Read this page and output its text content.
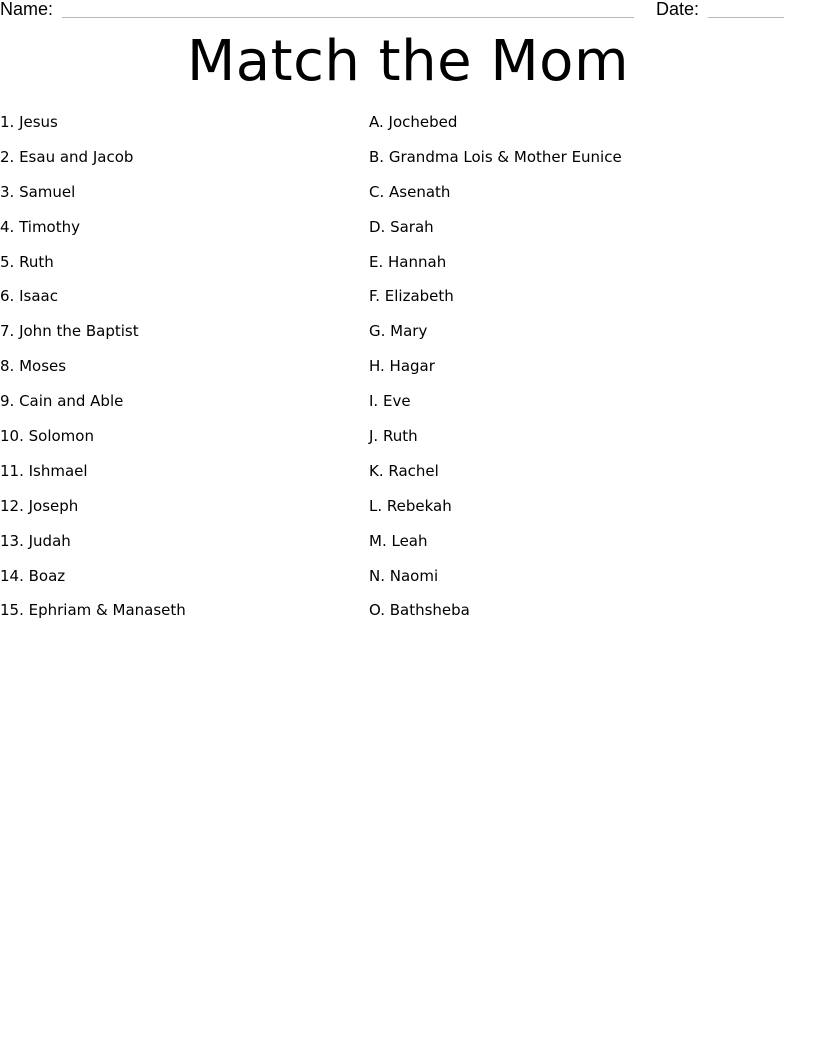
Name:	Date:
Match the Mom
1. Jesus
2. Esau and Jacob
3. Samuel
4. Timothy
5. Ruth
6. Isaac
7. John the Baptist
8. Moses
9. Cain and Able
10. Solomon
11. Ishmael
12. Joseph
13. Judah
14. Boaz
15. Ephriam & Manaseth
A. Jochebed
B. Grandma Lois & Mother Eunice
C. Asenath
D. Sarah
E. Hannah
F. Elizabeth
G. Mary
H. Hagar
I. Eve
J. Ruth
K. Rachel
L. Rebekah
M. Leah
N. Naomi
O. Bathsheba
